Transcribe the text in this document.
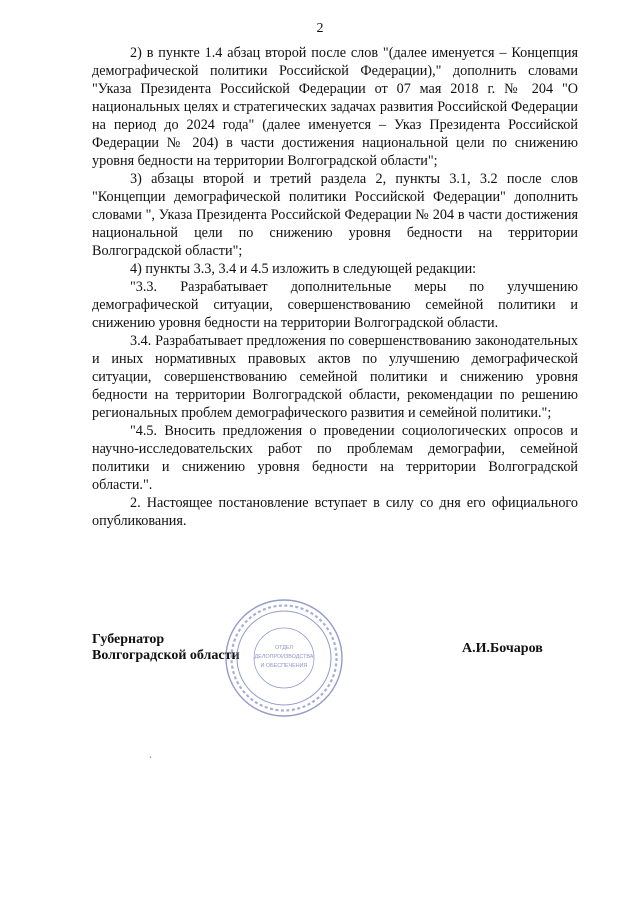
2

2) в пункте 1.4 абзац второй после слов "(далее именуется – Концепция демографической политики Российской Федерации)," дополнить словами "Указа Президента Российской Федерации от 07 мая 2018 г. № 204 "О национальных целях и стратегических задачах развития Российской Федерации на период до 2024 года" (далее именуется – Указ Президента Российской Федерации № 204) в части достижения национальной цели по снижению уровня бедности на территории Волгоградской области";

3) абзацы второй и третий раздела 2, пункты 3.1, 3.2 после слов "Концепции демографической политики Российской Федерации" дополнить словами ", Указа Президента Российской Федерации № 204 в части достижения национальной цели по снижению уровня бедности на территории Волгоградской области";

4) пункты 3.3, 3.4 и 4.5 изложить в следующей редакции:

"3.3. Разрабатывает дополнительные меры по улучшению демографической ситуации, совершенствованию семейной политики и снижению уровня бедности на территории Волгоградской области.

3.4. Разрабатывает предложения по совершенствованию законодательных и иных нормативных правовых актов по улучшению демографической ситуации, совершенствованию семейной политики и снижению уровня бедности на территории Волгоградской области, рекомендации по решению региональных проблем демографического развития и семейной политики.";

"4.5. Вносить предложения о проведении социологических опросов и научно-исследовательских работ по проблемам демографии, семейной политики и снижению уровня бедности на территории Волгоградской области.".

2. Настоящее постановление вступает в силу со дня его официального опубликования.

Губернатор
Волгоградской области	А.И.Бочаров
ОТДЕЛ
ДЕЛОПРОИЗВОДСТВА
И ОБЕСПЕЧЕНИЯ
`
